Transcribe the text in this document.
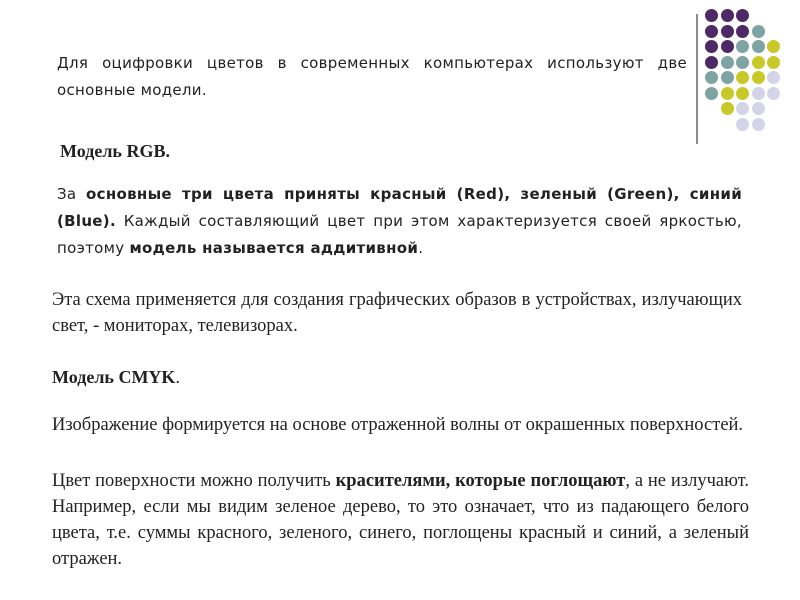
Для оцифровки цветов в современных компьютерах используют две основные модели.

Модель RGB.

За основные три цвета приняты красный (Red), зеленый (Green), синий (Blue). Каждый составляющий цвет при этом характеризуется своей яркостью, поэтому модель называется аддитивной.

Эта схема применяется для создания графических образов в устройствах, излучающих свет, - мониторах, телевизорах.

Модель CMYK.

Изображение формируется на основе отраженной волны от окрашенных поверхностей.

Цвет поверхности можно получить красителями, которые поглощают, а не излучают. Например, если мы видим зеленое дерево, то это означает, что из падающего белого цвета, т.е. суммы красного, зеленого, синего, поглощены красный и синий, а зеленый отражен.
